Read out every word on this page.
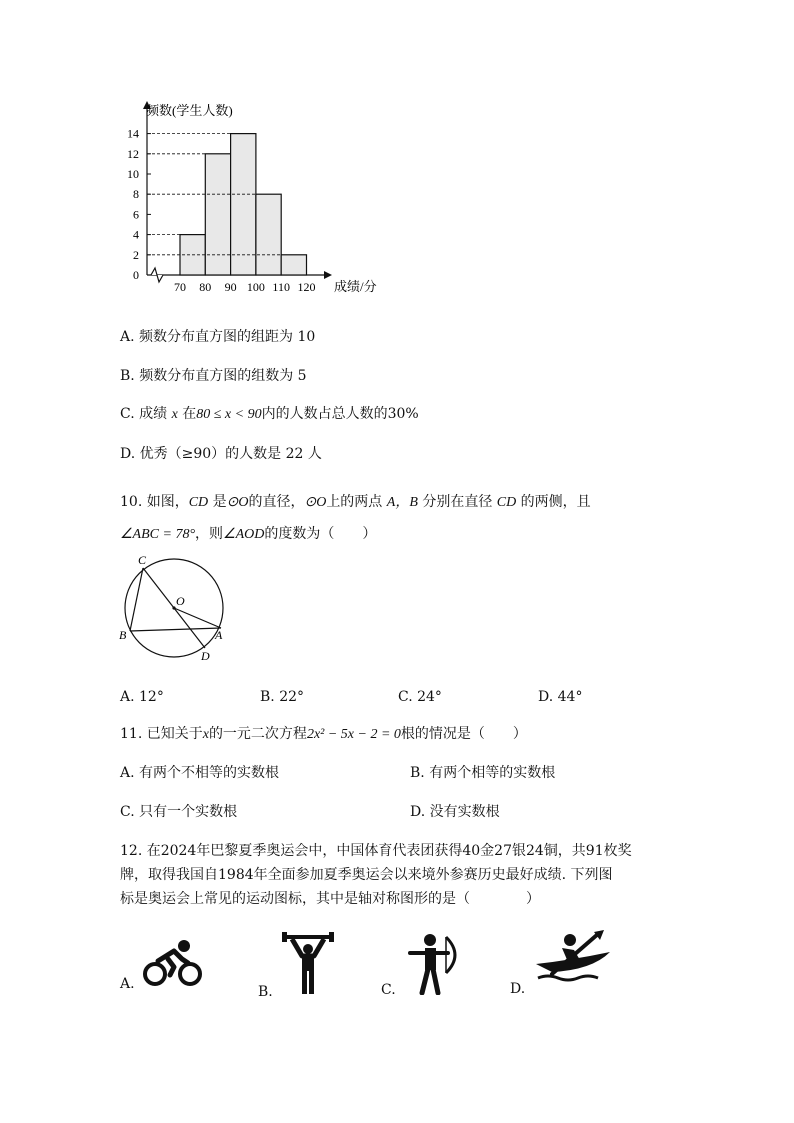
0
2
4
6
8
10
12
14
70 80 90 100 110 120
频数(学生人数)
成绩/分
A. 频数分布直方图的组距为 10
B. 频数分布直方图的组数为 5
C. 成绩 x 在80 ≤ x < 90内的人数占总人数的30%
D. 优秀（≥90）的人数是 22 人
10. 如图，CD 是⊙O的直径，⊙O上的两点 A，B 分别在直径 CD 的两侧，且
∠ABC = 78°，则∠AOD的度数为（　　）
C
O
B	A
D
A. 12°	B. 22°	C. 24°	D. 44°
11. 已知关于x的一元二次方程2x² − 5x − 2 = 0根的情况是（　　）
A. 有两个不相等的实数根	B. 有两个相等的实数根
C. 只有一个实数根	D. 没有实数根
12. 在2024年巴黎夏季奥运会中，中国体育代表团获得40金27银24铜，共91枚奖
牌，取得我国自1984年全面参加夏季奥运会以来境外参赛历史最好成绩. 下列图
标是奥运会上常见的运动图标，其中是轴对称图形的是（　　　　）
A.	B.	C.	D.
